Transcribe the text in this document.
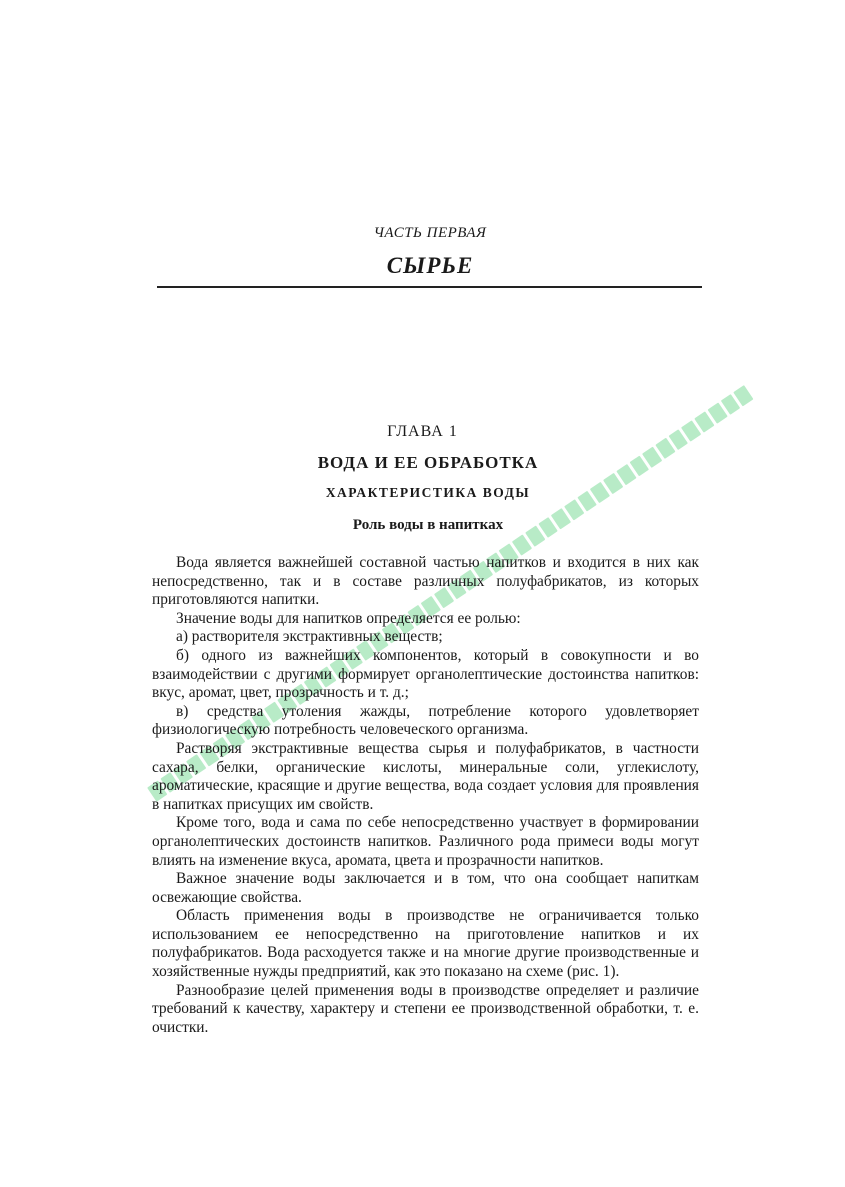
ЧАСТЬ ПЕРВАЯ
СЫРЬЕ
ГЛАВА 1
ВОДА И ЕЕ ОБРАБОТКА
ХАРАКТЕРИСТИКА ВОДЫ
Роль воды в напитках

Вода является важнейшей составной частью напитков и входится в них как непосредственно, так и в составе различных полуфабрикатов, из которых приготовляются напитки.

Значение воды для напитков определяется ее ролью:

а) растворителя экстрактивных веществ;

б) одного из важнейших компонентов, который в совокупности и во взаимодействии с другими формирует органолептические достоинства напитков: вкус, аромат, цвет, прозрачность и т. д.;

в) средства утоления жажды, потребление которого удовлетворяет физиологическую потребность человеческого организма.

Растворяя экстрактивные вещества сырья и полуфабрикатов, в частности сахара, белки, органические кислоты, минеральные соли, углекислоту, ароматические, красящие и другие вещества, вода создает условия для проявления в напитках присущих им свойств.

Кроме того, вода и сама по себе непосредственно участвует в формировании органолептических достоинств напитков. Различного рода примеси воды могут влиять на изменение вкуса, аромата, цвета и прозрачности напитков.

Важное значение воды заключается и в том, что она сообщает напиткам освежающие свойства.

Область применения воды в производстве не ограничивается только использованием ее непосредственно на приготовление напитков и их полуфабрикатов. Вода расходуется также и на многие другие производственные и хозяйственные нужды предприятий, как это показано на схеме (рис. 1).

Разнообразие целей применения воды в производстве определяет и различие требований к качеству, характеру и степени ее производственной обработки, т. е. очистки.
